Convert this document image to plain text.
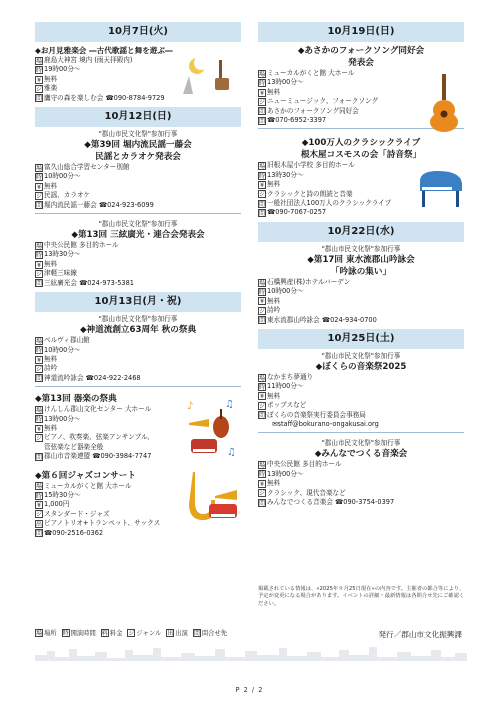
10月7日(火)
◆お月見雅楽会 ―古代歌謡と舞を遊ぶ―
場 鹿島大神宮 境内 (雨天拝殿内)
時 19時00分～
¥ 無料
ジ 雅楽
問 鷹守の森を楽しむ会
☎090-8784-9729
10月12日(日)
"郡山市民文化祭"参加行事
◆第39回 堀内流民謡一藤会
民謡とカラオケ発表会
場 富久山総合学習センター別館
時 10時00分～
¥ 無料
ジ 民謡、カラオケ
問 堀内流民謡一藤会
☎024-923-6099
"郡山市民文化祭"参加行事
◆第13回 三絃廣光・連合会発表会
場 中央公民館 多目的ホール
時 13時30分～
¥ 無料
ジ 津軽三味線
問 三絃廣光会
☎024-973-5381
10月13日(月・祝)
"郡山市民文化祭"参加行事
◆神道流創立63周年 秋の祭典
場 ベルヴィ郡山館
時 10時00分～
¥ 無料
ジ 詩吟
問 神道流吟詠会
☎024-922-2468
◆第13回 器楽の祭典
場 けんしん郡山文化センター 大ホール
時 13時00分～
¥ 無料
ジ ピアノ、吹奏楽、弦楽アンサンブル、
管弦楽など器楽全般
問 郡山市音楽連盟
☎090-3984-7747
♪	♫
♫
◆第６回ジャズコンサート
場 ミューカルがくと館 大ホール
時 15時30分～
¥ 1,000円
ジ スタンダード・ジャズ
出 ピアノトリオ+トランペット、サックス
問 ☎090-2516-0362
10月19日(日)
◆あさかのフォークソング同好会
発表会
場 ミューカルがくと館 大ホール
時 13時00分～
¥ 無料
ジ ニューミュージック、フォークソング
問 あさかのフォークソング同好会
問 ☎070-6952-3397
◆100万人のクラシックライブ
根木屋コスモスの会「詩音祭」
場 旧根木屋小学校 多目的ホール
時 13時30分～
¥ 無料
ジ クラシックと詩の朗読と音楽
問 一般社団法人100万人のクラシックライブ
問 ☎090-7067-0257
10月22日(水)
"郡山市民文化祭"参加行事
◆第17回 東水流郡山吟詠会
「吟詠の集い」
場 石橋興産(株)ホテルバーデン
時 10時00分～
¥ 無料
ジ 詩吟
問 東水流郡山吟詠会
☎024-934-0700
10月25日(土)
"郡山市民文化祭"参加行事
◆ぼくらの音楽祭2025
場 なかまち夢通り
時 11時00分～
¥ 無料
ジ ポップスなど
問 ぼくらの音楽祭実行委員会事務局
✉staff@bokurano-ongakusai.org
"郡山市民文化祭"参加行事
◆みんなでつくる音楽会
場 中央公民館 多目的ホール
時 13時00分～
¥ 無料
ジ クラシック、現代音楽など
問 みんなでつくる音楽会
☎090-3754-0397
掲載されている情報は、«2025年９月25日現在»の内容です。主催者の都合等により、予定が変更になる場合があります。イベントの詳細・最新情報は各問合せ先にご確認ください。
場 場所 時 開演時間 料 料金 ジ ジャンル 出 出演 問 問合せ先	発行／郡山市文化振興課
P 2 / 2
